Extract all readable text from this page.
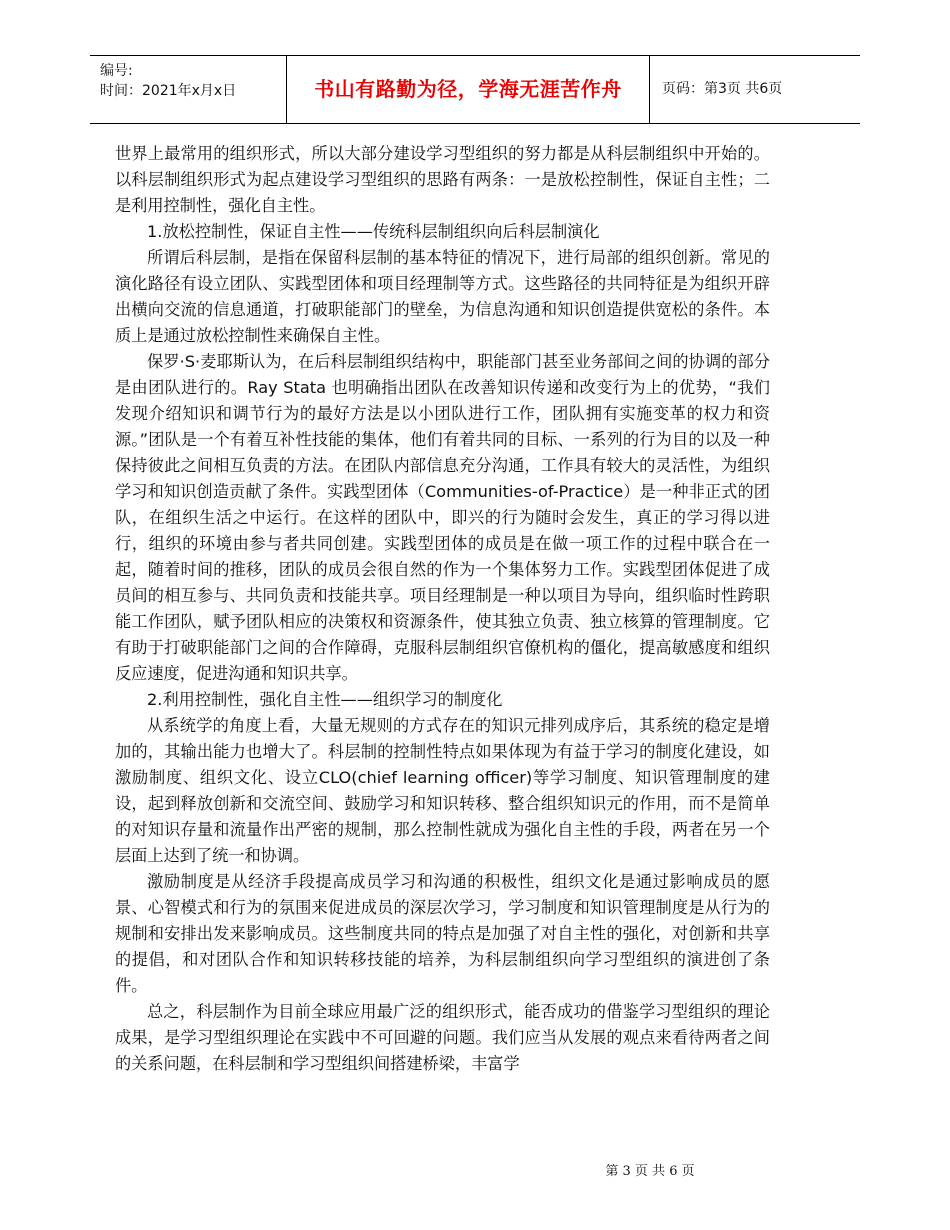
编号:
时间：2021年x月x日	书山有路勤为径，学海无涯苦作舟	页码：第3页 共6页

世界上最常用的组织形式，所以大部分建设学习型组织的努力都是从科层制组织中开始的。以科层制组织形式为起点建设学习型组织的思路有两条：一是放松控制性，保证自主性；二是利用控制性，强化自主性。

1.放松控制性，保证自主性——传统科层制组织向后科层制演化

所谓后科层制，是指在保留科层制的基本特征的情况下，进行局部的组织创新。常见的演化路径有设立团队、实践型团体和项目经理制等方式。这些路径的共同特征是为组织开辟出横向交流的信息通道，打破职能部门的壁垒，为信息沟通和知识创造提供宽松的条件。本质上是通过放松控制性来确保自主性。

保罗·S·麦耶斯认为，在后科层制组织结构中，职能部门甚至业务部间之间的协调的部分是由团队进行的。Ray Stata 也明确指出团队在改善知识传递和改变行为上的优势，“我们发现介绍知识和调节行为的最好方法是以小团队进行工作，团队拥有实施变革的权力和资源。”团队是一个有着互补性技能的集体，他们有着共同的目标、一系列的行为目的以及一种保持彼此之间相互负责的方法。在团队内部信息充分沟通，工作具有较大的灵活性，为组织学习和知识创造贡献了条件。实践型团体（Communities-of-Practice）是一种非正式的团队，在组织生活之中运行。在这样的团队中，即兴的行为随时会发生，真正的学习得以进行，组织的环境由参与者共同创建。实践型团体的成员是在做一项工作的过程中联合在一起，随着时间的推移，团队的成员会很自然的作为一个集体努力工作。实践型团体促进了成员间的相互参与、共同负责和技能共享。项目经理制是一种以项目为导向，组织临时性跨职能工作团队，赋予团队相应的决策权和资源条件，使其独立负责、独立核算的管理制度。它有助于打破职能部门之间的合作障碍，克服科层制组织官僚机构的僵化，提高敏感度和组织反应速度，促进沟通和知识共享。

2.利用控制性，强化自主性——组织学习的制度化

从系统学的角度上看，大量无规则的方式存在的知识元排列成序后，其系统的稳定是增加的，其输出能力也增大了。科层制的控制性特点如果体现为有益于学习的制度化建设，如激励制度、组织文化、设立CLO(chief learning officer)等学习制度、知识管理制度的建设，起到释放创新和交流空间、鼓励学习和知识转移、整合组织知识元的作用，而不是简单的对知识存量和流量作出严密的规制，那么控制性就成为强化自主性的手段，两者在另一个层面上达到了统一和协调。

激励制度是从经济手段提高成员学习和沟通的积极性，组织文化是通过影响成员的愿景、心智模式和行为的氛围来促进成员的深层次学习，学习制度和知识管理制度是从行为的规制和安排出发来影响成员。这些制度共同的特点是加强了对自主性的强化，对创新和共享的提倡，和对团队合作和知识转移技能的培养，为科层制组织向学习型组织的演进创了条件。

总之，科层制作为目前全球应用最广泛的组织形式，能否成功的借鉴学习型组织的理论成果，是学习型组织理论在实践中不可回避的问题。我们应当从发展的观点来看待两者之间的关系问题，在科层制和学习型组织间搭建桥梁，丰富学

第 3 页 共 6 页
